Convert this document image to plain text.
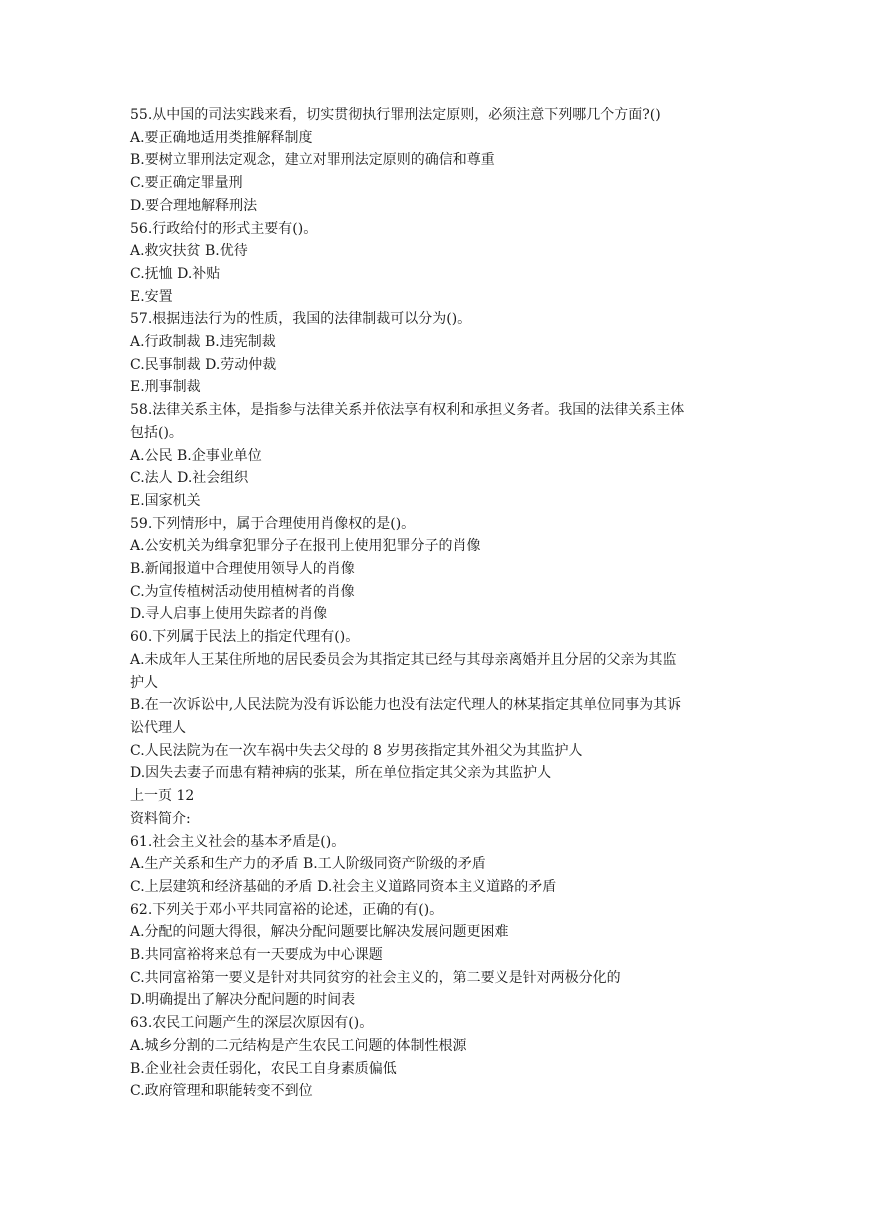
55.从中国的司法实践来看，切实贯彻执行罪刑法定原则，必须注意下列哪几个方面?()

A.要正确地适用类推解释制度

B.要树立罪刑法定观念，建立对罪刑法定原则的确信和尊重

C.要正确定罪量刑

D.要合理地解释刑法

56.行政给付的形式主要有()。

A.救灾扶贫 B.优待

C.抚恤 D.补贴

E.安置

57.根据违法行为的性质，我国的法律制裁可以分为()。

A.行政制裁 B.违宪制裁

C.民事制裁 D.劳动仲裁

E.刑事制裁

58.法律关系主体，是指参与法律关系并依法享有权利和承担义务者。我国的法律关系主体

包括()。

A.公民 B.企事业单位

C.法人 D.社会组织

E.国家机关

59.下列情形中，属于合理使用肖像权的是()。

A.公安机关为缉拿犯罪分子在报刊上使用犯罪分子的肖像

B.新闻报道中合理使用领导人的肖像

C.为宣传植树活动使用植树者的肖像

D.寻人启事上使用失踪者的肖像

60.下列属于民法上的指定代理有()。

A.未成年人王某住所地的居民委员会为其指定其已经与其母亲离婚并且分居的父亲为其监

护人

B.在一次诉讼中,人民法院为没有诉讼能力也没有法定代理人的林某指定其单位同事为其诉

讼代理人

C.人民法院为在一次车祸中失去父母的 8 岁男孩指定其外祖父为其监护人

D.因失去妻子而患有精神病的张某，所在单位指定其父亲为其监护人

上一页 12

资料简介:

61.社会主义社会的基本矛盾是()。

A.生产关系和生产力的矛盾 B.工人阶级同资产阶级的矛盾

C.上层建筑和经济基础的矛盾 D.社会主义道路同资本主义道路的矛盾

62.下列关于邓小平共同富裕的论述，正确的有()。

A.分配的问题大得很，解决分配问题要比解决发展问题更困难

B.共同富裕将来总有一天要成为中心课题

C.共同富裕第一要义是针对共同贫穷的社会主义的，第二要义是针对两极分化的

D.明确提出了解决分配问题的时间表

63.农民工问题产生的深层次原因有()。

A.城乡分割的二元结构是产生农民工问题的体制性根源

B.企业社会责任弱化，农民工自身素质偏低

C.政府管理和职能转变不到位
